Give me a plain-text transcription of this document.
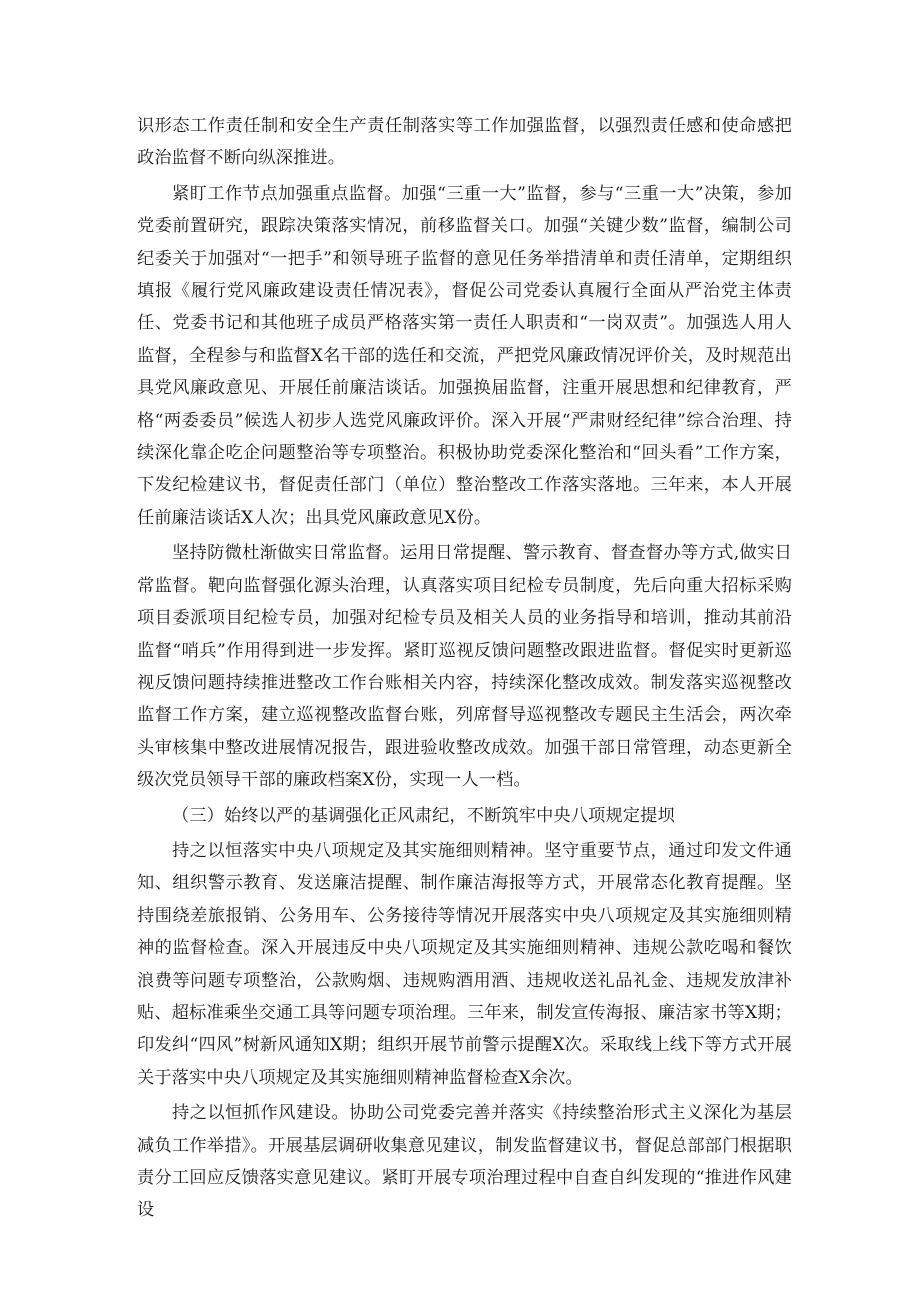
识形态工作责任制和安全生产责任制落实等工作加强监督，以强烈责任感和使命感把政治监督不断向纵深推进。

紧盯工作节点加强重点监督。加强“三重一大”监督，参与“三重一大”决策，参加党委前置研究，跟踪决策落实情况，前移监督关口。加强“关键少数”监督，编制公司纪委关于加强对“一把手”和领导班子监督的意见任务举措清单和责任清单，定期组织填报《履行党风廉政建设责任情况表》，督促公司党委认真履行全面从严治党主体责任、党委书记和其他班子成员严格落实第一责任人职责和“一岗双责”。加强选人用人监督，全程参与和监督X名干部的选任和交流，严把党风廉政情况评价关，及时规范出具党风廉政意见、开展任前廉洁谈话。加强换届监督，注重开展思想和纪律教育，严格“两委委员”候选人初步人选党风廉政评价。深入开展“严肃财经纪律”综合治理、持续深化靠企吃企问题整治等专项整治。积极协助党委深化整治和“回头看”工作方案，下发纪检建议书，督促责任部门（单位）整治整改工作落实落地。三年来，本人开展任前廉洁谈话X人次；出具党风廉政意见X份。

坚持防微杜渐做实日常监督。运用日常提醒、警示教育、督查督办等方式,做实日常监督。靶向监督强化源头治理，认真落实项目纪检专员制度，先后向重大招标采购项目委派项目纪检专员，加强对纪检专员及相关人员的业务指导和培训，推动其前沿监督“哨兵”作用得到进一步发挥。紧盯巡视反馈问题整改跟进监督。督促实时更新巡视反馈问题持续推进整改工作台账相关内容，持续深化整改成效。制发落实巡视整改监督工作方案，建立巡视整改监督台账，列席督导巡视整改专题民主生活会，两次牵头审核集中整改进展情况报告，跟进验收整改成效。加强干部日常管理，动态更新全级次党员领导干部的廉政档案X份，实现一人一档。

（三）始终以严的基调强化正风肃纪，不断筑牢中央八项规定提坝

持之以恒落实中央八项规定及其实施细则精神。坚守重要节点，通过印发文件通知、组织警示教育、发送廉洁提醒、制作廉洁海报等方式，开展常态化教育提醒。坚持围绕差旅报销、公务用车、公务接待等情况开展落实中央八项规定及其实施细则精神的监督检查。深入开展违反中央八项规定及其实施细则精神、违规公款吃喝和餐饮浪费等问题专项整治，公款购烟、违规购酒用酒、违规收送礼品礼金、违规发放津补贴、超标准乘坐交通工具等问题专项治理。三年来，制发宣传海报、廉洁家书等X期；印发纠“四风”树新风通知X期；组织开展节前警示提醒X次。采取线上线下等方式开展关于落实中央八项规定及其实施细则精神监督检查X余次。

持之以恒抓作风建设。协助公司党委完善并落实《持续整治形式主义深化为基层减负工作举措》。开展基层调研收集意见建议，制发监督建议书，督促总部部门根据职责分工回应反馈落实意见建议。紧盯开展专项治理过程中自查自纠发现的“推进作风建设
